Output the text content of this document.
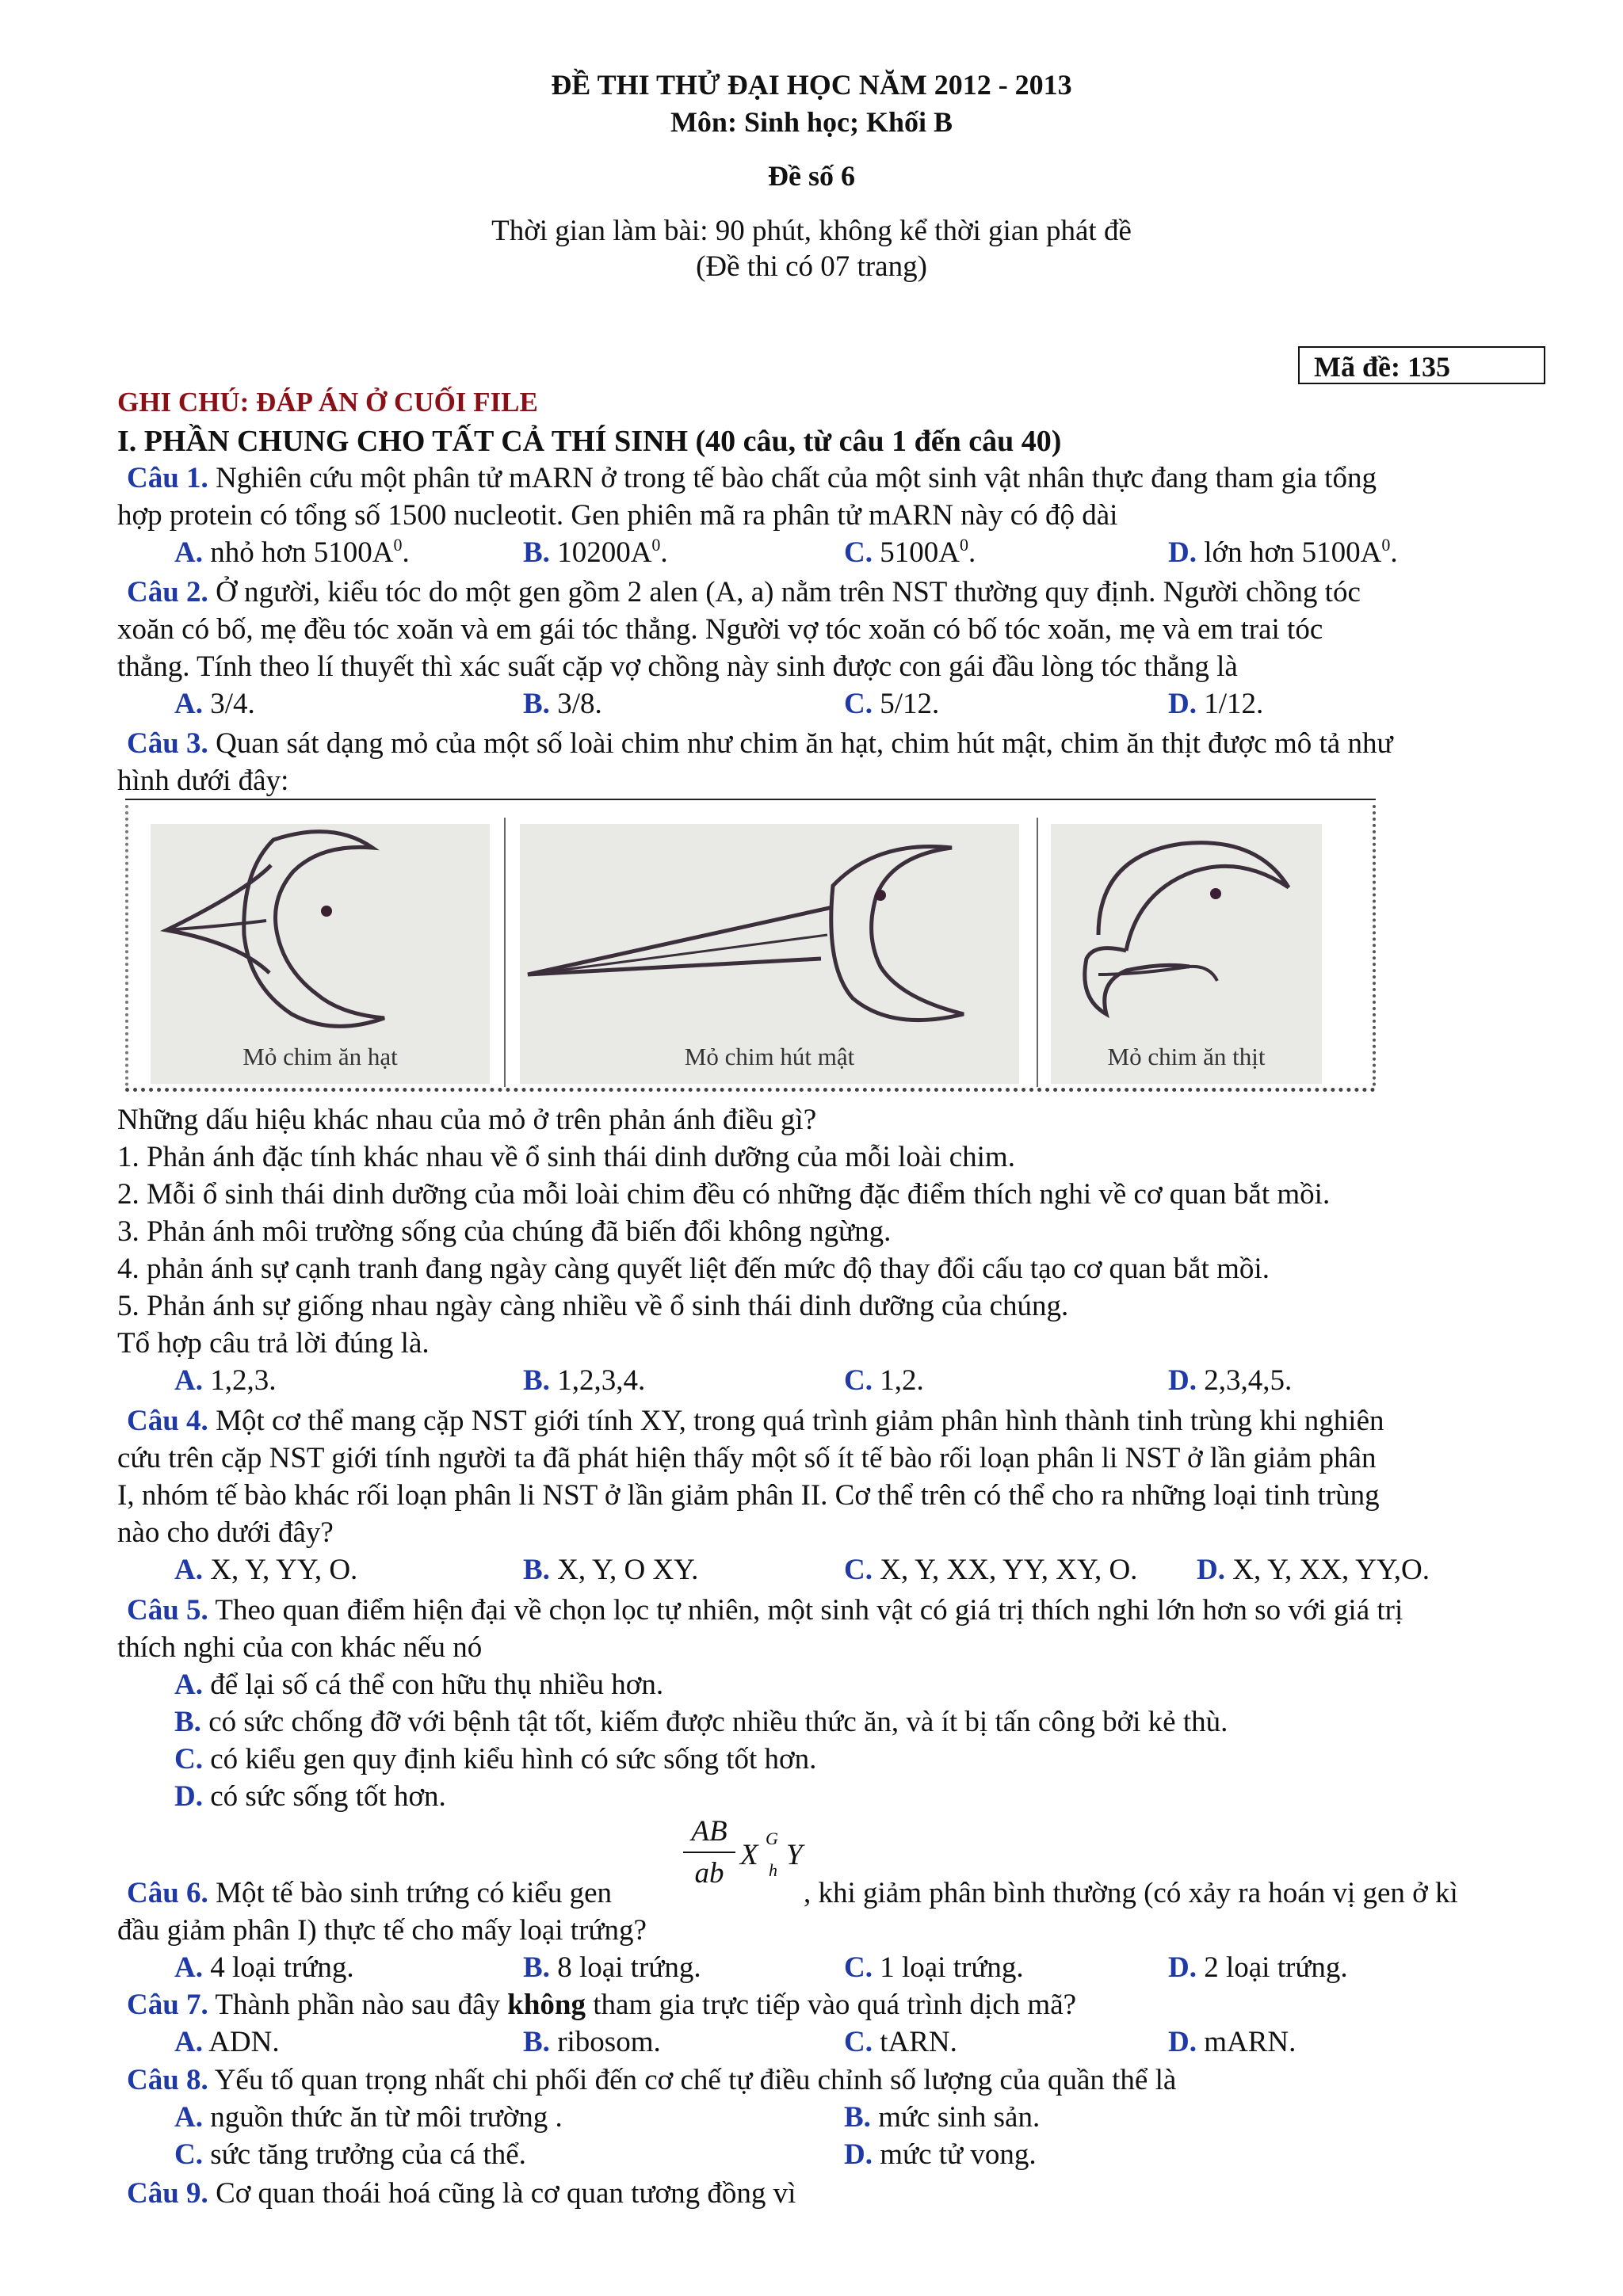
ĐỀ THI THỬ ĐẠI HỌC NĂM 2012 - 2013
Môn: Sinh học; Khối B
Đề số 6
Thời gian làm bài: 90 phút, không kể thời gian phát đề
(Đề thi có 07 trang)
Mã đề: 135
GHI CHÚ: ĐÁP ÁN Ở CUỐI FILE
I. PHẦN CHUNG CHO TẤT CẢ THÍ SINH (40 câu, từ câu 1 đến câu 40)
Câu 1. Nghiên cứu một phân tử mARN ở trong tế bào chất của một sinh vật nhân thực đang tham gia tổng
hợp protein có tổng số 1500 nucleotit. Gen phiên mã ra phân tử mARN này có độ dài
A. nhỏ hơn $5100A^0$.	B. $10200A^0$.	C. $5100A^0$.	D. lớn hơn $5100A^0$.
Câu 2. Ở người, kiểu tóc do một gen gồm 2 alen (A, a) nằm trên NST thường quy định. Người chồng tóc
xoăn có bố, mẹ đều tóc xoăn và em gái tóc thẳng. Người vợ tóc xoăn có bố tóc xoăn, mẹ và em trai tóc
thẳng. Tính theo lí thuyết thì xác suất cặp vợ chồng này sinh được con gái đầu lòng tóc thẳng là
A. 3/4.	B. 3/8.	C. 5/12.	D. 1/12.
Câu 3. Quan sát dạng mỏ của một số loài chim như chim ăn hạt, chim hút mật, chim ăn thịt được mô tả như
hình dưới đây:
Mỏ chim ăn hạt	Mỏ chim hút mật	Mỏ chim ăn thịt
Những dấu hiệu khác nhau của mỏ ở trên phản ánh điều gì?
1. Phản ánh đặc tính khác nhau về ổ sinh thái dinh dưỡng của mỗi loài chim.
2. Mỗi ổ sinh thái dinh dưỡng của mỗi loài chim đều có những đặc điểm thích nghi về cơ quan bắt mồi.
3. Phản ánh môi trường sống của chúng đã biến đổi không ngừng.
4. phản ánh sự cạnh tranh đang ngày càng quyết liệt đến mức độ thay đổi cấu tạo cơ quan bắt mồi.
5. Phản ánh sự giống nhau ngày càng nhiều về ổ sinh thái dinh dưỡng của chúng.
Tổ hợp câu trả lời đúng là.
A. 1,2,3.	B. 1,2,3,4.	C. 1,2.	D. 2,3,4,5.
Câu 4. Một cơ thể mang cặp NST giới tính XY, trong quá trình giảm phân hình thành tinh trùng khi nghiên
cứu trên cặp NST giới tính người ta đã phát hiện thấy một số ít tế bào rối loạn phân li NST ở lần giảm phân
I, nhóm tế bào khác rối loạn phân li NST ở lần giảm phân II. Cơ thể trên có thể cho ra những loại tinh trùng
nào cho dưới đây?
A. X, Y, YY, O.	B. X, Y, O XY.	C. X, Y, XX, YY, XY, O. D. X, Y, XX, YY,O.
Câu 5. Theo quan điểm hiện đại về chọn lọc tự nhiên, một sinh vật có giá trị thích nghi lớn hơn so với giá trị
thích nghi của con khác nếu nó
A. để lại số cá thể con hữu thụ nhiều hơn.
B. có sức chống đỡ với bệnh tật tốt, kiếm được nhiều thức ăn, và ít bị tấn công bởi kẻ thù.
C. có kiểu gen quy định kiểu hình có sức sống tốt hơn.
D. có sức sống tốt hơn.
$\frac{AB}{ab}$ X
G
h Y
Câu 6. Một tế bào sinh trứng có kiểu gen	, khi giảm phân bình thường (có xảy ra hoán vị gen ở kì
đầu giảm phân I) thực tế cho mấy loại trứng?
A. 4 loại trứng.	B. 8 loại trứng.	C. 1 loại trứng.	D. 2 loại trứng.
Câu 7. Thành phần nào sau đây không tham gia trực tiếp vào quá trình dịch mã?
A. ADN.	B. ribosom.	C. tARN.	D. mARN.
Câu 8. Yếu tố quan trọng nhất chi phối đến cơ chế tự điều chỉnh số lượng của quần thể là
A. nguồn thức ăn từ môi trường .	B. mức sinh sản.
C. sức tăng trưởng của cá thể.	D. mức tử vong.
Câu 9. Cơ quan thoái hoá cũng là cơ quan tương đồng vì
